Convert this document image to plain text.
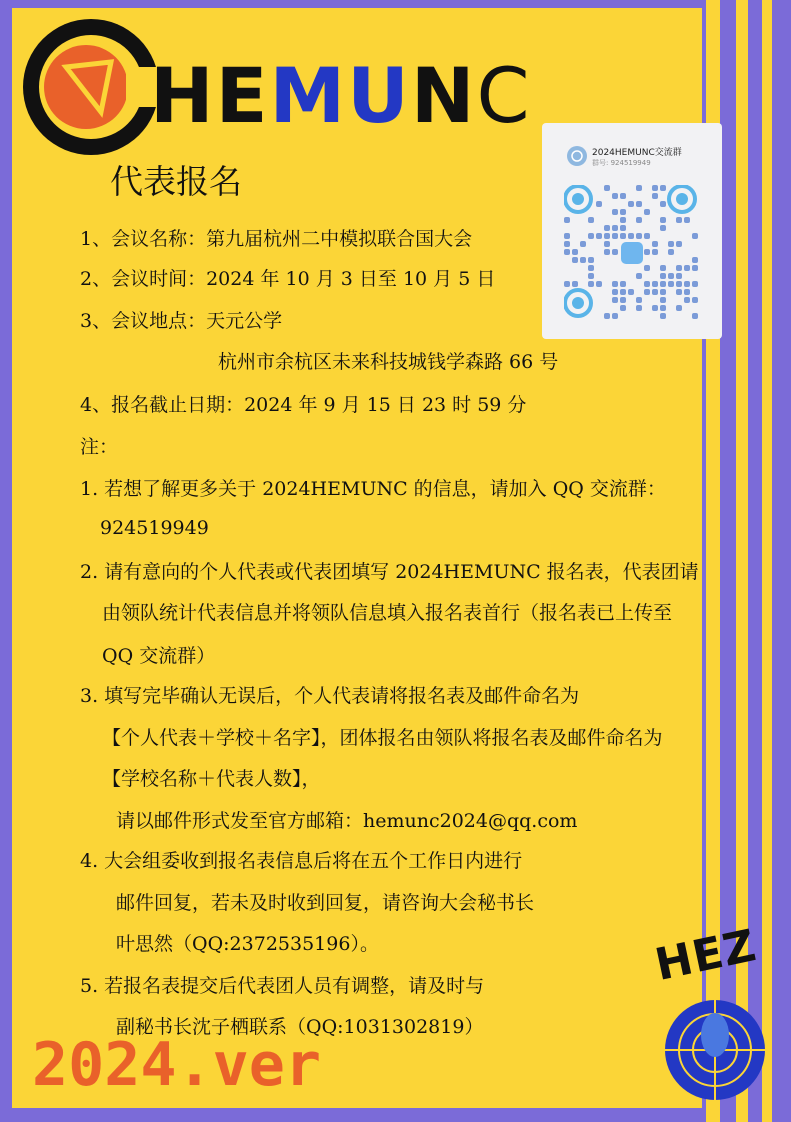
HEMUNC
2024HEMUNC交流群
群号: 924519949
代表报名
1、会议名称：第九届杭州二中模拟联合国大会
2、会议时间：2024 年 10 月 3 日至 10 月 5 日
3、会议地点：天元公学
杭州市余杭区未来科技城钱学森路 66 号
4、报名截止日期：2024 年 9 月 15 日 23 时 59 分
注：
1. 若想了解更多关于 2024HEMUNC 的信息，请加入 QQ 交流群：
924519949
2. 请有意向的个人代表或代表团填写 2024HEMUNC 报名表，代表团请
由领队统计代表信息并将领队信息填入报名表首行（报名表已上传至
QQ 交流群）
3. 填写完毕确认无误后，个人代表请将报名表及邮件命名为
【个人代表＋学校＋名字】，团体报名由领队将报名表及邮件命名为
【学校名称＋代表人数】，
请以邮件形式发至官方邮箱：hemunc2024@qq.com
4. 大会组委收到报名表信息后将在五个工作日内进行
邮件回复，若未及时收到回复，请咨询大会秘书长
叶思然（QQ:2372535196）。
5. 若报名表提交后代表团人员有调整，请及时与
副秘书长沈子栖联系（QQ:1031302819）
2024.ver
HEZ
